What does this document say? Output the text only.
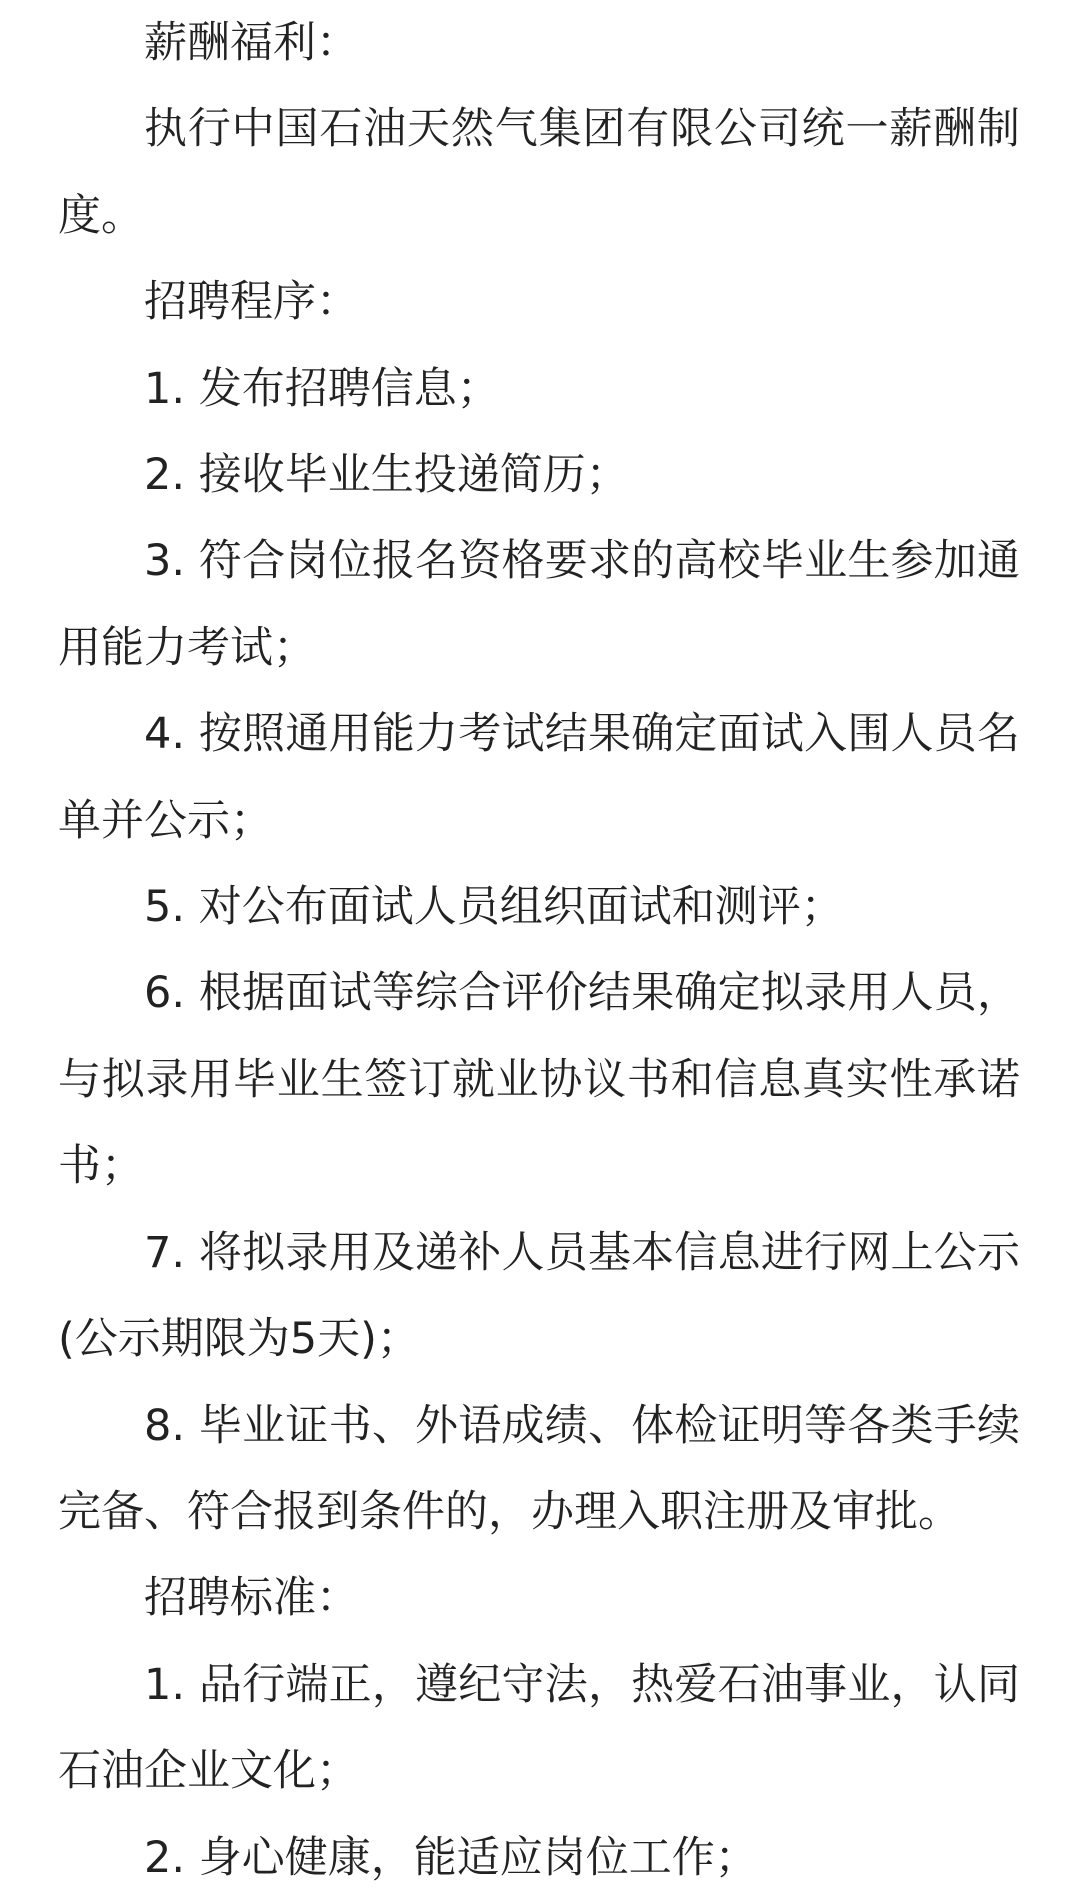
薪酬福利：

执行中国石油天然气集团有限公司统一薪酬制度。

招聘程序：

1. 发布招聘信息；

2. 接收毕业生投递简历；

3. 符合岗位报名资格要求的高校毕业生参加通用能力考试；

4. 按照通用能力考试结果确定面试入围人员名单并公示；

5. 对公布面试人员组织面试和测评；

6. 根据面试等综合评价结果确定拟录用人员，与拟录用毕业生签订就业协议书和信息真实性承诺书；

7. 将拟录用及递补人员基本信息进行网上公示(公示期限为5天)；

8. 毕业证书、外语成绩、体检证明等各类手续完备、符合报到条件的，办理入职注册及审批。

招聘标准：

1. 品行端正，遵纪守法，热爱石油事业，认同石油企业文化；

2. 身心健康，能适应岗位工作；
